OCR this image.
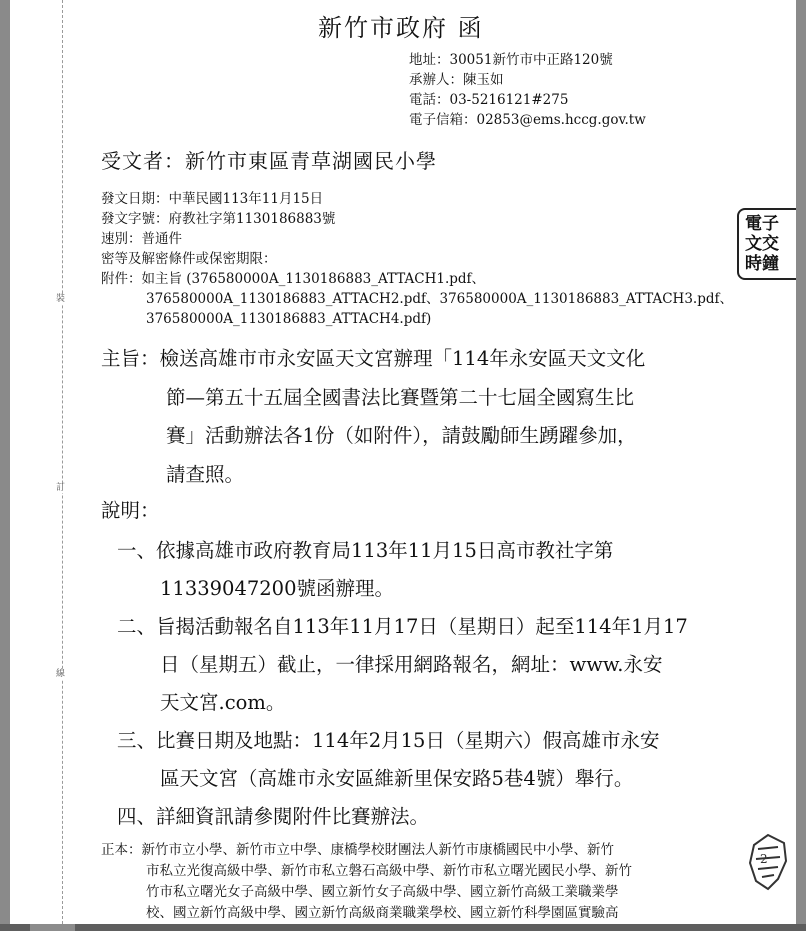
裝
訂
線
新竹市政府 函
地址：30051新竹市中正路120號
承辦人：陳玉如
電話：03-5216121#275
電子信箱：02853@ems.hccg.gov.tw
受文者：新竹市東區青草湖國民小學
發文日期：中華民國113年11月15日
發文字號：府教社字第1130186883號
速別：普通件
密等及解密條件或保密期限：
附件：如主旨 (376580000A_1130186883_ATTACH1.pdf、
376580000A_1130186883_ATTACH2.pdf、376580000A_1130186883_ATTACH3.pdf、
376580000A_1130186883_ATTACH4.pdf)
主旨：檢送高雄市市永安區天文宮辦理「114年永安區天文文化
節—第五十五屆全國書法比賽暨第二十七屆全國寫生比
賽」活動辦法各1份（如附件），請鼓勵師生踴躍參加，
請查照。
說明：
一、依據高雄市政府教育局113年11月15日高市教社字第
11339047200號函辦理。
二、旨揭活動報名自113年11月17日（星期日）起至114年1月17
日（星期五）截止，一律採用網路報名，網址：www.永安
天文宮.com。
三、比賽日期及地點：114年2月15日（星期六）假高雄市永安
區天文宮（高雄市永安區維新里保安路5巷4號）舉行。
四、詳細資訊請參閱附件比賽辦法。
正本：新竹市立小學、新竹市立中學、康橋學校財團法人新竹市康橋國民中小學、新竹
市私立光復高級中學、新竹市私立磐石高級中學、新竹市私立曙光國民小學、新竹
竹市私立曙光女子高級中學、國立新竹女子高級中學、國立新竹高級工業職業學
校、國立新竹高級中學、國立新竹高級商業職業學校、國立新竹科學園區實驗高
電子
文交
時鐘
2
